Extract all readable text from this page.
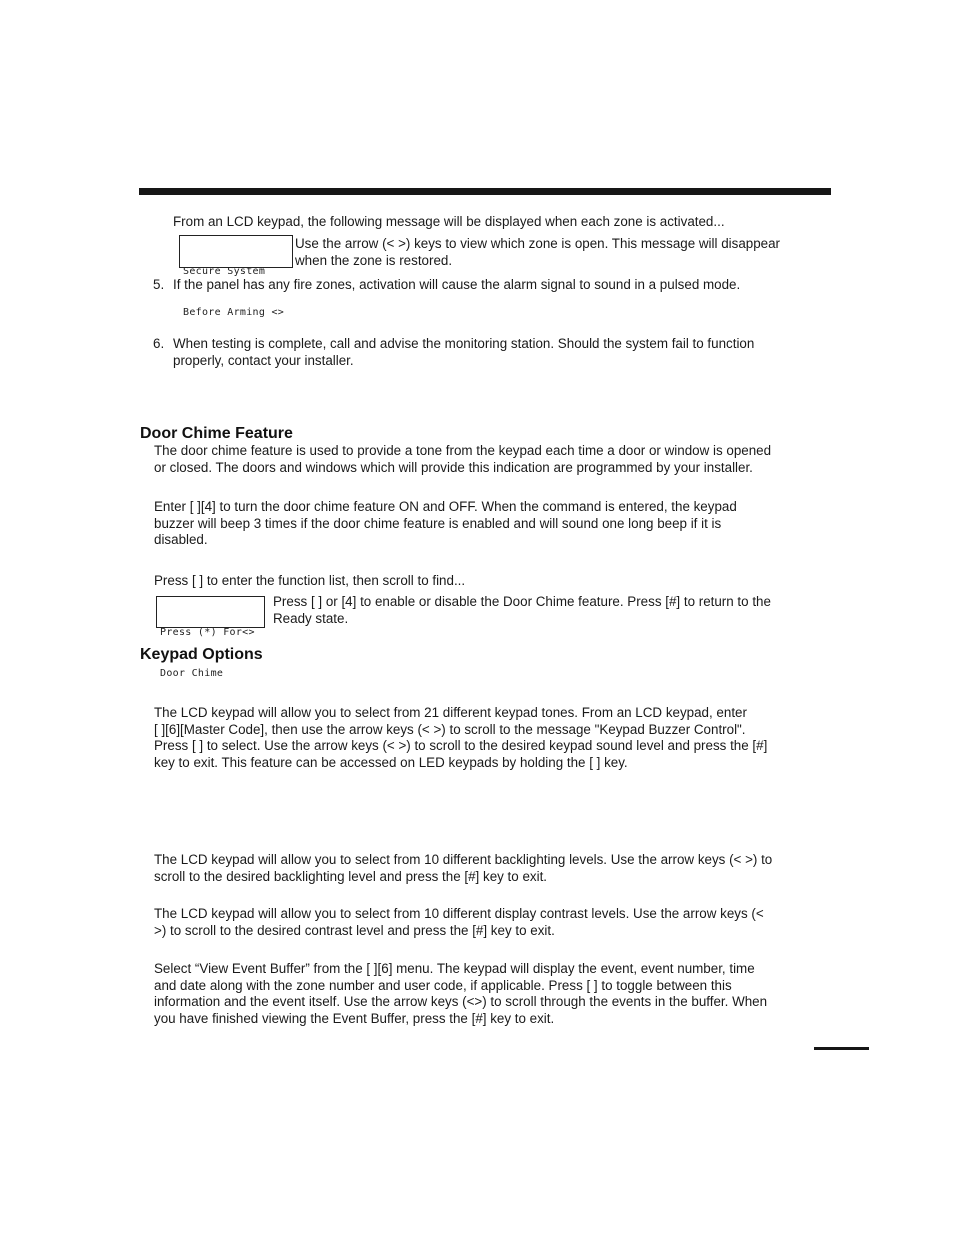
From an LCD keypad, the following message will be displayed when each zone is activated...

Secure System

Before Arming <>

Use the arrow (< >) keys to view which zone is open. This message will disappear
when the zone is restored.
5. If the panel has any fire zones, activation will cause the alarm signal to sound in a pulsed mode.
6. When testing is complete, call and advise the monitoring station. Should the system fail to function
properly, contact your installer.
Door Chime Feature
The door chime feature is used to provide a tone from the keypad each time a door or window is opened
or closed. The doors and windows which will provide this indication are programmed by your installer.
Enter [ ][4] to turn the door chime feature ON and OFF. When the command is entered, the keypad
buzzer will beep 3 times if the door chime feature is enabled and will sound one long beep if it is
disabled.
Press [ ] to enter the function list, then scroll to find...

Press (*) For<>

Door Chime

Press [ ] or [4] to enable or disable the Door Chime feature. Press [#] to return to the
Ready state.
Keypad Options
The LCD keypad will allow you to select from 21 different keypad tones. From an LCD keypad, enter
[ ][6][Master Code], then use the arrow keys (< >) to scroll to the message "Keypad Buzzer Control".
Press [ ] to select. Use the arrow keys (< >) to scroll to the desired keypad sound level and press the [#]
key to exit. This feature can be accessed on LED keypads by holding the [ ] key.
The LCD keypad will allow you to select from 10 different backlighting levels. Use the arrow keys (< >) to
scroll to the desired backlighting level and press the [#] key to exit.
The LCD keypad will allow you to select from 10 different display contrast levels. Use the arrow keys (<
>) to scroll to the desired contrast level and press the [#] key to exit.
Select “View Event Buffer” from the [ ][6] menu. The keypad will display the event, event number, time
and date along with the zone number and user code, if applicable. Press [ ] to toggle between this
information and the event itself. Use the arrow keys (<>) to scroll through the events in the buffer. When
you have finished viewing the Event Buffer, press the [#] key to exit.
